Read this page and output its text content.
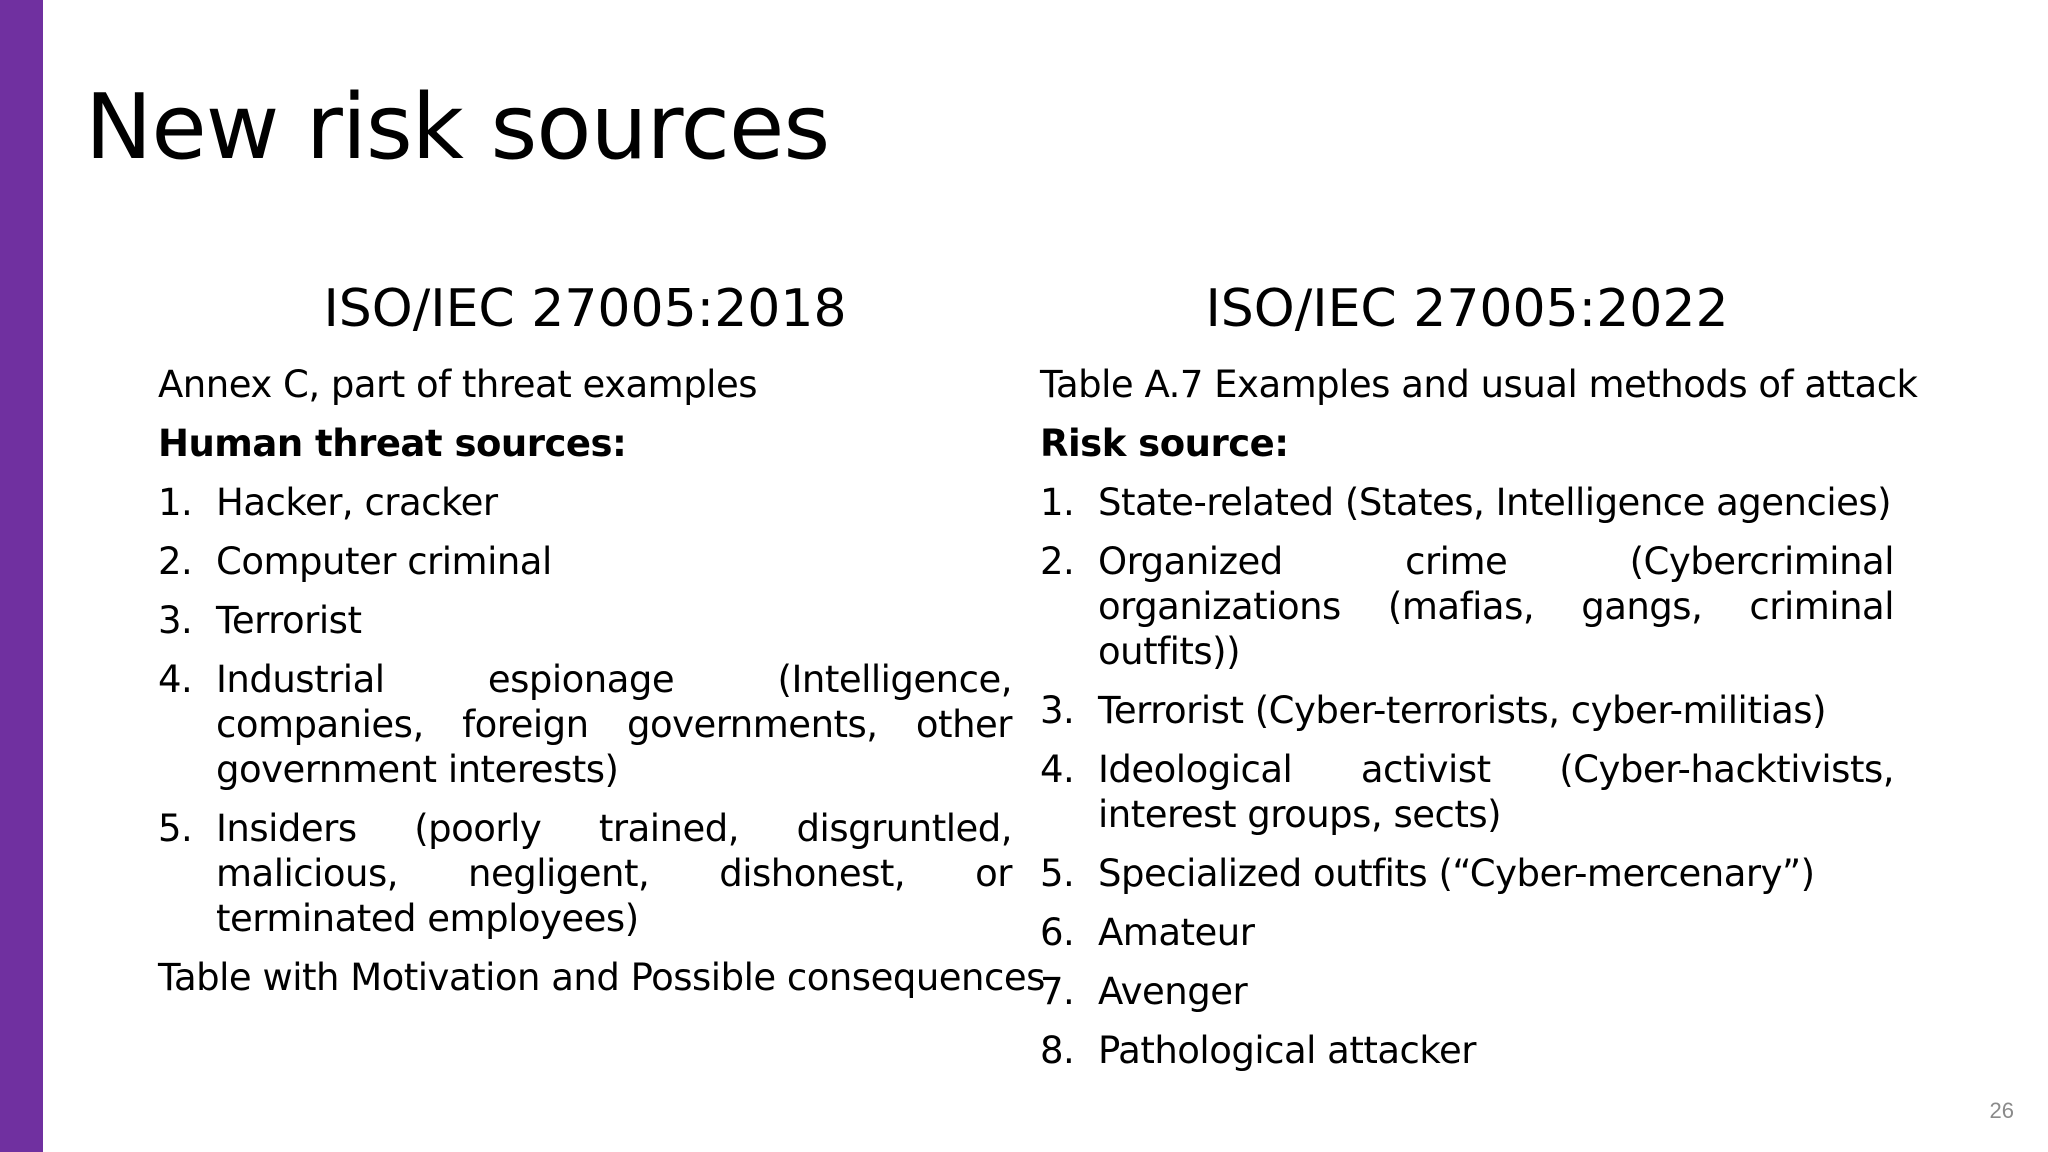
New risk sources
ISO/IEC 27005:2018

Annex C, part of threat examples

Human threat sources:

1. Hacker, cracker
2. Computer criminal
3. Terrorist
4. Industrial espionage (Intelligence, companies, foreign governments, other government interests)
5. Insiders (poorly trained, disgruntled, malicious, negligent, dishonest, or terminated employees)

Table with Motivation and Possible consequences

ISO/IEC 27005:2022

Table A.7 Examples and usual methods of attack

Risk source:

1. State-related (States, Intelligence agencies)
2. Organized crime (Cybercriminal organizations (mafias, gangs, criminal outfits))
3. Terrorist (Cyber-terrorists, cyber-militias)
4. Ideological activist (Cyber-hacktivists, interest groups, sects)
5. Specialized outfits (“Cyber-mercenary”)
6. Amateur
7. Avenger
8. Pathological attacker
26
